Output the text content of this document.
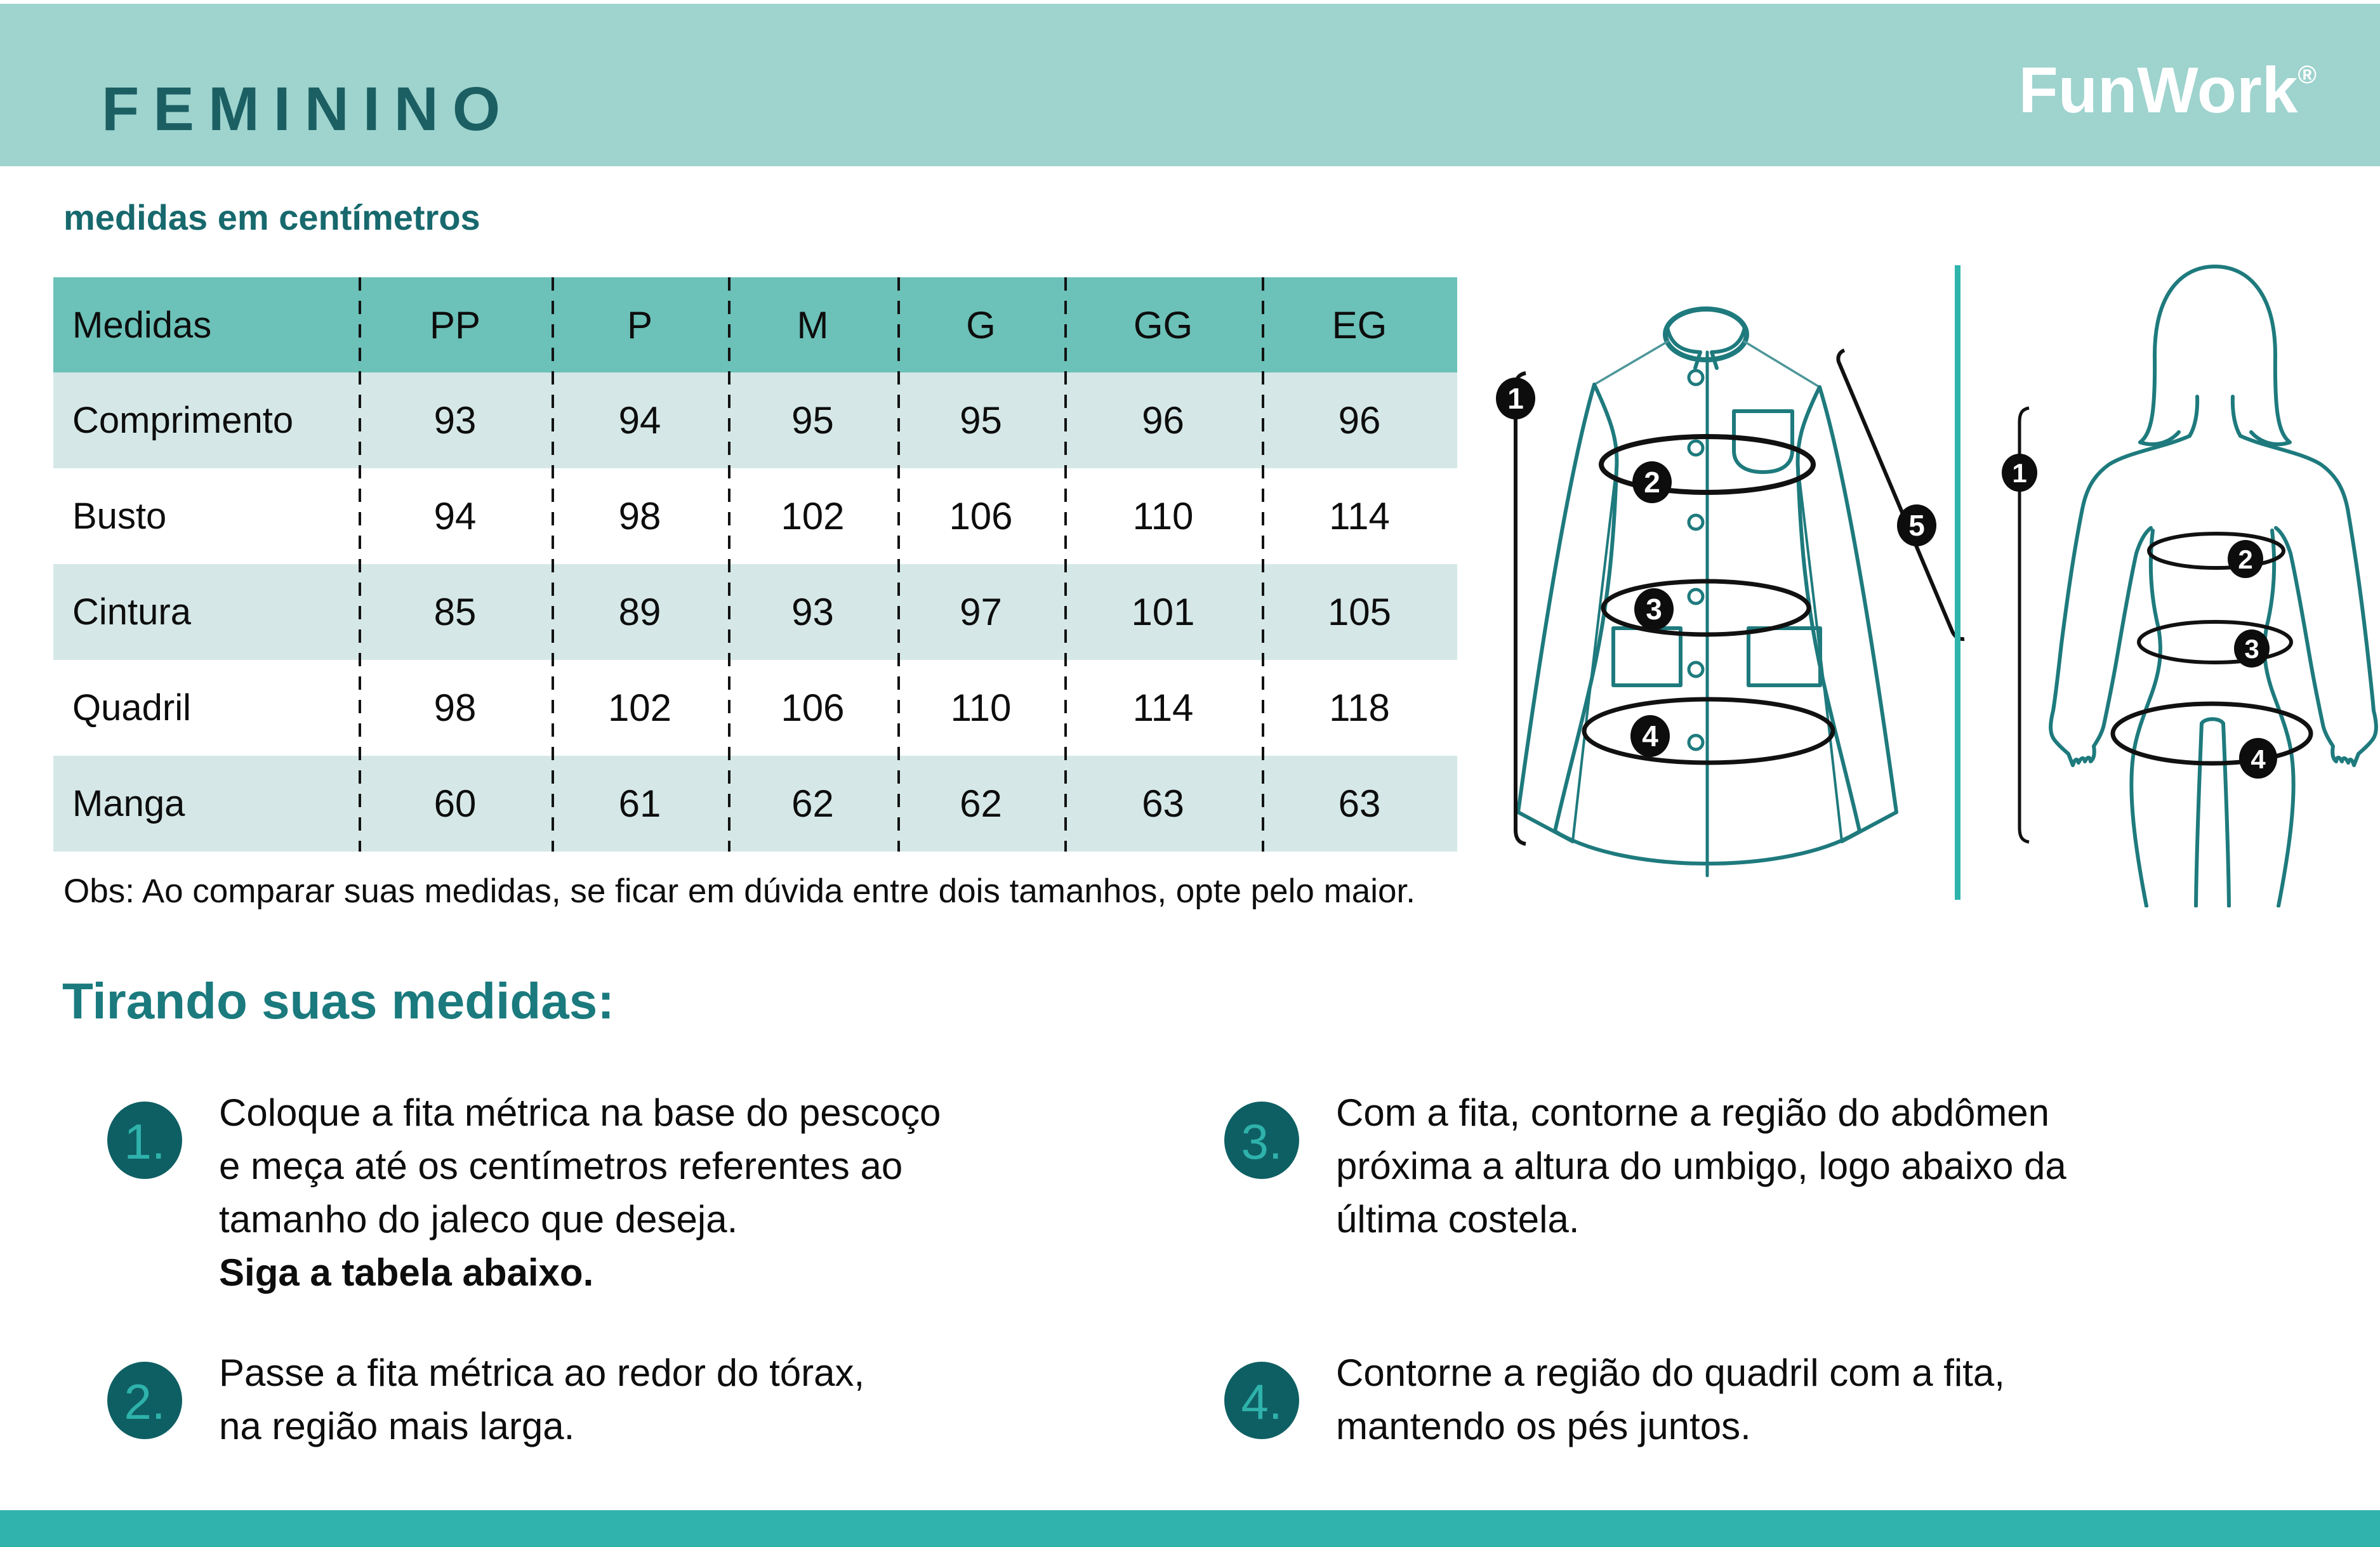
FEMININO	FunWork®
medidas em centímetros
Medidas	PP	P	M	G	GG	EG
Comprimento	93	94	95	95	96	96
Busto	94	98	102	106	110	114
Cintura	85	89	93	97	101	105
Quadril	98	102	106	110	114	118
Manga	60	61	62	62	63	63
Obs: Ao comparar suas medidas, se ficar em dúvida entre dois tamanhos, opte pelo maior.
Tirando suas medidas:
1.
Coloque a fita métrica na base do pescoço
e meça até os centímetros referentes ao
tamanho do jaleco que deseja.
Siga a tabela abaixo.
2.
Passe a fita métrica ao redor do tórax,
na região mais larga.
3.
Com a fita, contorne a região do abdômen
próxima a altura do umbigo, logo abaixo da
última costela.
4.
Contorne a região do quadril com a fita,
mantendo os pés juntos.
1
2
3
4
5
1
2
3
4
